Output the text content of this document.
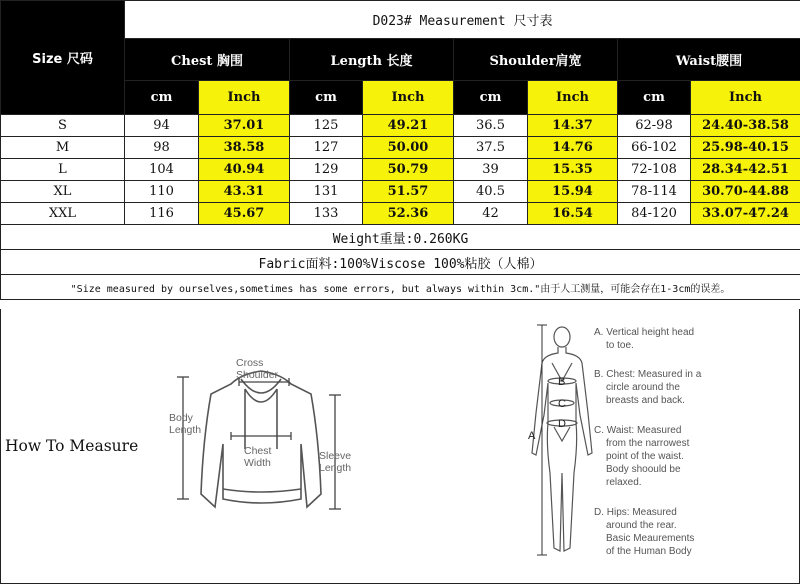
Size 尺码	D023# Measurement 尺寸表							
	Chest 胸围		Length 长度		Shoulder肩宽		Waist腰围	
	cm	Inch	cm	Inch	cm	Inch	cm	Inch
S	94	37.01	125	49.21	36.5	14.37	62-98	24.40-38.58
M	98	38.58	127	50.00	37.5	14.76	66-102	25.98-40.15
L	104	40.94	129	50.79	39	15.35	72-108	28.34-42.51
XL	110	43.31	131	51.57	40.5	15.94	78-114	30.70-44.88
XXL	116	45.67	133	52.36	42	16.54	84-120	33.07-47.24
Weight重量:0.260KG								
Fabric面料:100%Viscose 100%粘胶（人棉）								
"Size measured by ourselves,sometimes has some errors, but always within 3cm."由于人工测量，可能会存在1-3cm的误差。								
How To Measure
Cross
Shoulder
Body
Length
Chest
Width
Sleeve
Length
A
B
C
D
A. Vertical height head
to toe.
B. Chest: Measured in a
circle around the
breasts and back.
C. Waist: Measured
from the narrowest
point of the waist.
Body shoould be
relaxed.
D. Hips: Measured
around the rear.
Basic Meaurements
of the Human Body
